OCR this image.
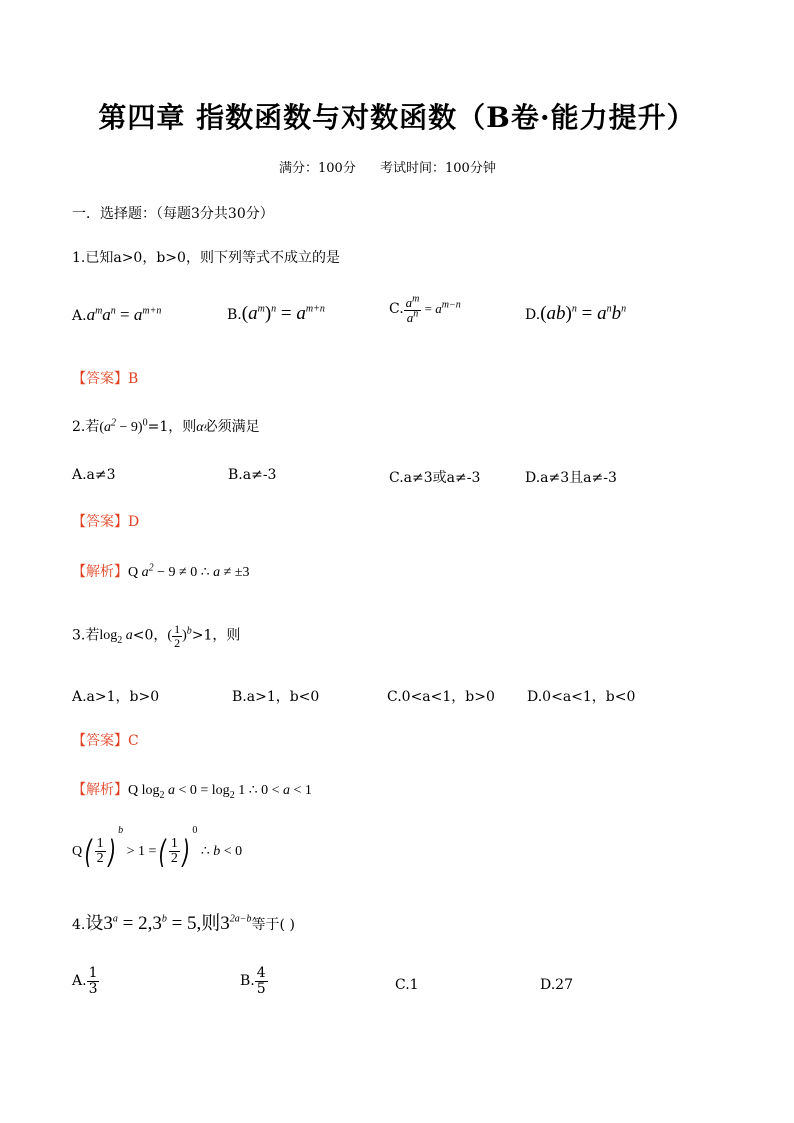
第四章 指数函数与对数函数（B卷·能力提升）
满分：100分 考试时间：100分钟
一．选择题：（每题3分共30分）
1.已知a>0，b>0，则下列等式不成立的是
$A.a^ma^n = a^{m+n}$	$B.(a^m)^n = a^{m+n}$	C. $\frac{a^m}{a^n} = a^{m-n}$
$D.(ab)^n = a^nb^n$
【答案】B
2.若$(a^2 - 9)^0=1$，则α必须满足
A.a≠3	B.a≠-3	C.a≠3或a≠-3	D.a≠3且a≠-3
【答案】D
【解析】Q $a^2 - 9 \ne 0$ ∴ a ≠ ±3
3.若$\log_2 a<0$，( $\frac{1}{2} )^b>1$，则
A.a>1，b>0	B.a>1，b<0	C.0<a<1，b>0 D.0<a<1，b<0
【答案】C
【解析】Q $\log_2 a < 0 = \log_2 1$ ∴ 0 < a < 1
$Q( \frac{1}{2} )^b > 1$ =( $\frac{1}{2} )^0$ ∴ b < 0
4.设$3^a = 2,3^b = 5$,则$3^{2a-b}$等于( )
A. $\frac{1}{3}$	B. $\frac{4}{5}$	C.1	D.27
